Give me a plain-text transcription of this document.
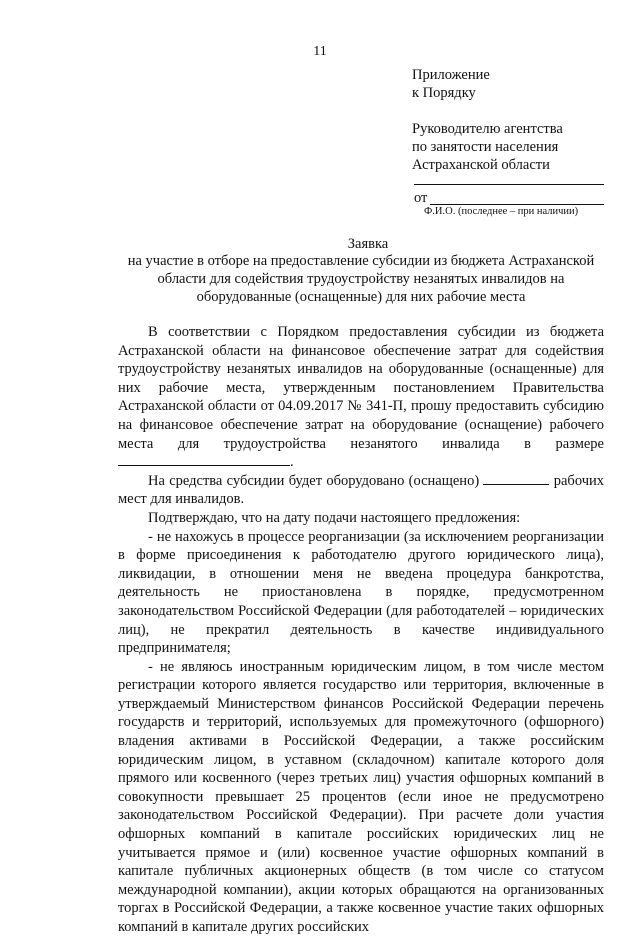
11
Приложение
к Порядку
Руководителю агентства
по занятости населения
Астраханской области
от
Ф.И.О. (последнее – при наличии)
Заявка
на участие в отборе на предоставление субсидии из бюджета Астраханской области для содействия трудоустройству незанятых инвалидов на оборудованные (оснащенные) для них рабочие места

В соответствии с Порядком предоставления субсидии из бюджета Астраханской области на финансовое обеспечение затрат для содействия трудоустройству незанятых инвалидов на оборудованные (оснащенные) для них рабочие места, утвержденным постановлением Правительства Астраханской области от 04.09.2017 № 341-П, прошу предоставить субсидию на финансовое обеспечение затрат на оборудование (оснащение) рабочего места для трудоустройства незанятого инвалида в размере .

На средства субсидии будет оборудовано (оснащено)	рабочих мест для инвалидов.

Подтверждаю, что на дату подачи настоящего предложения:

- не нахожусь в процессе реорганизации (за исключением реорганизации в форме присоединения к работодателю другого юридического лица), ликвидации, в отношении меня не введена процедура банкротства, деятельность не приостановлена в порядке, предусмотренном законодательством Российской Федерации (для работодателей – юридических лиц), не прекратил деятельность в качестве индивидуального предпринимателя;

- не являюсь иностранным юридическим лицом, в том числе местом регистрации которого является государство или территория, включенные в утверждаемый Министерством финансов Российской Федерации перечень государств и территорий, используемых для промежуточного (офшорного) владения активами в Российской Федерации, а также российским юридическим лицом, в уставном (складочном) капитале которого доля прямого или косвенного (через третьих лиц) участия офшорных компаний в совокупности превышает 25 процентов (если иное не предусмотрено законодательством Российской Федерации). При расчете доли участия офшорных компаний в капитале российских юридических лиц не учитывается прямое и (или) косвенное участие офшорных компаний в капитале публичных акционерных обществ (в том числе со статусом международной компании), акции которых обращаются на организованных торгах в Российской Федерации, а также косвенное участие таких офшорных компаний в капитале других российских
